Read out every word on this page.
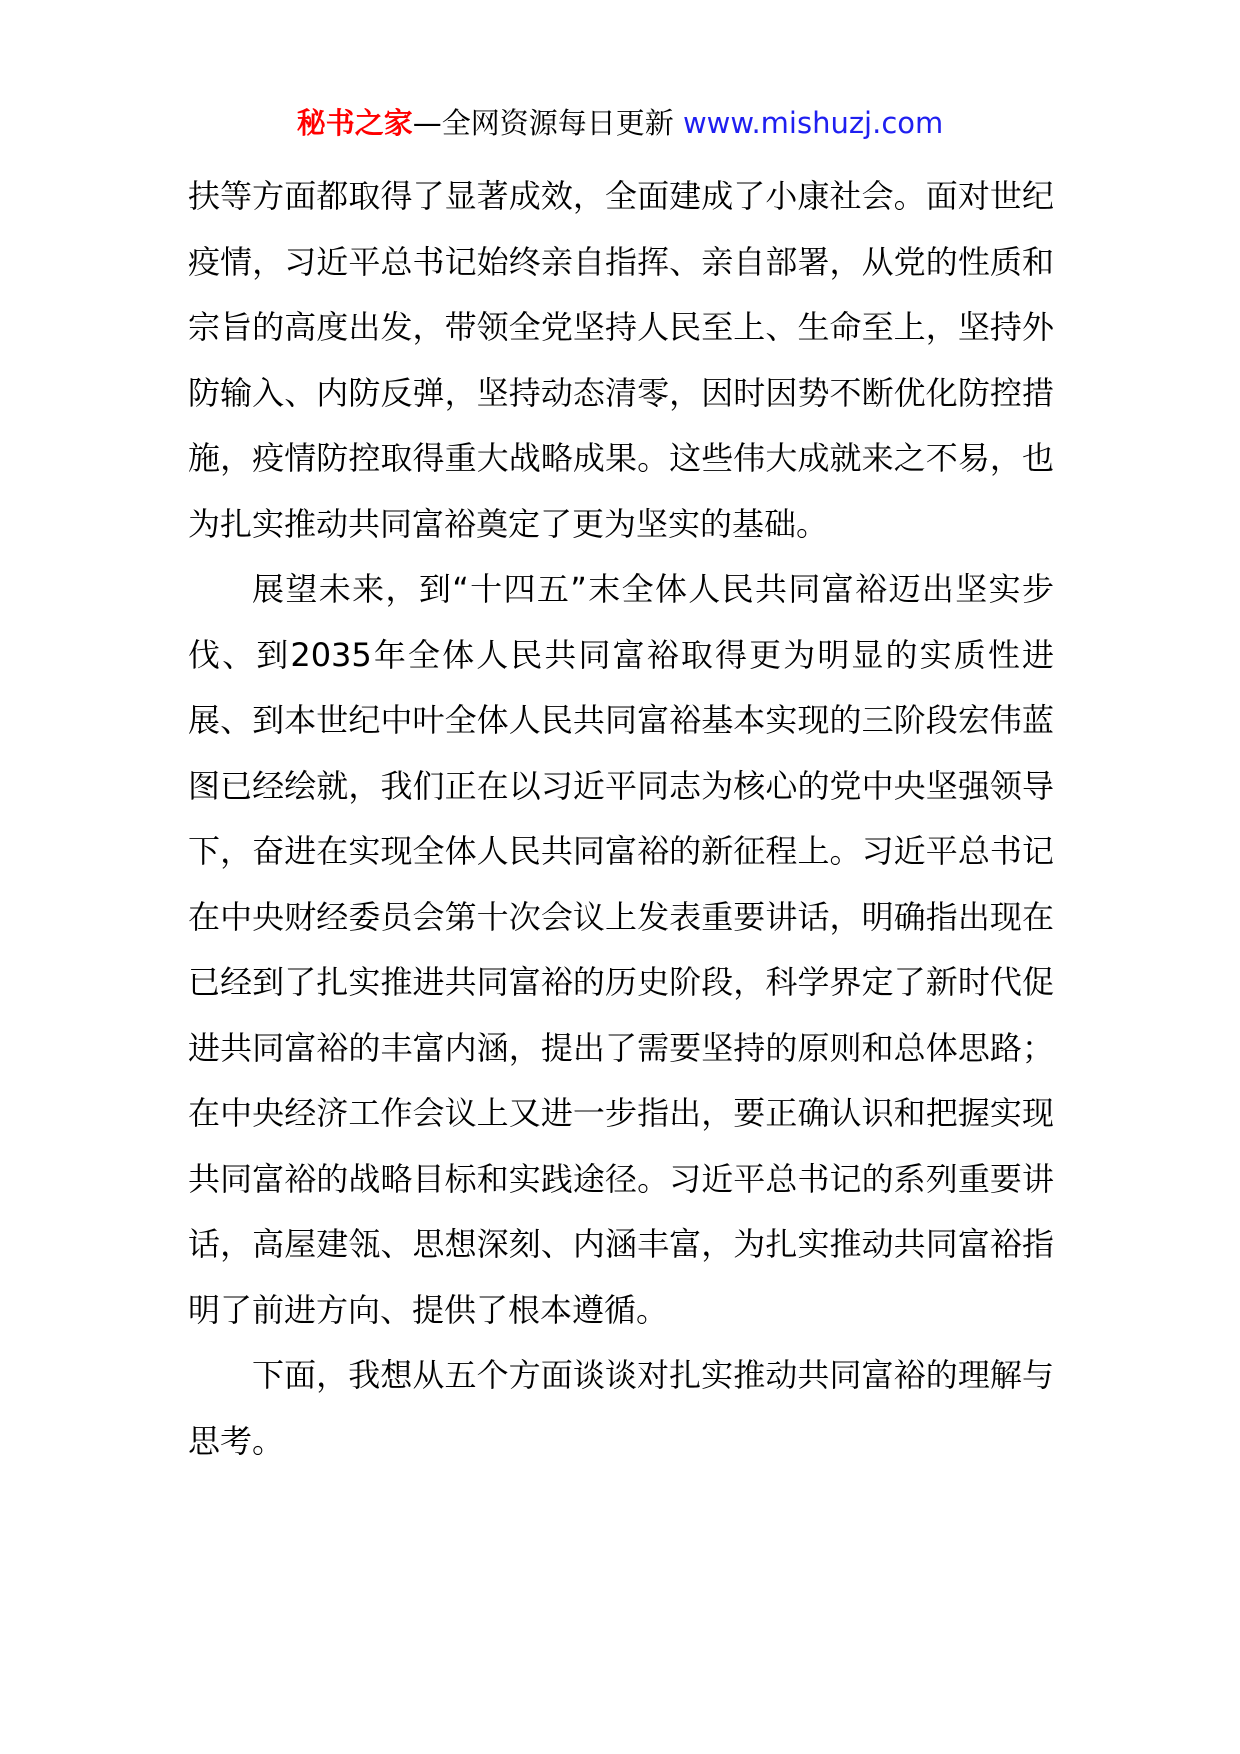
秘书之家—全网资源每日更新 www.mishuzj.com

扶等方面都取得了显著成效，全面建成了小康社会。面对世纪疫情，习近平总书记始终亲自指挥、亲自部署，从党的性质和宗旨的高度出发，带领全党坚持人民至上、生命至上，坚持外防输入、内防反弹，坚持动态清零，因时因势不断优化防控措施，疫情防控取得重大战略成果。这些伟大成就来之不易，也为扎实推动共同富裕奠定了更为坚实的基础。

展望未来，到“十四五”末全体人民共同富裕迈出坚实步伐、到2035年全体人民共同富裕取得更为明显的实质性进展、到本世纪中叶全体人民共同富裕基本实现的三阶段宏伟蓝图已经绘就，我们正在以习近平同志为核心的党中央坚强领导下，奋进在实现全体人民共同富裕的新征程上。习近平总书记在中央财经委员会第十次会议上发表重要讲话，明确指出现在已经到了扎实推进共同富裕的历史阶段，科学界定了新时代促进共同富裕的丰富内涵，提出了需要坚持的原则和总体思路；在中央经济工作会议上又进一步指出，要正确认识和把握实现共同富裕的战略目标和实践途径。习近平总书记的系列重要讲话，高屋建瓴、思想深刻、内涵丰富，为扎实推动共同富裕指明了前进方向、提供了根本遵循。

下面，我想从五个方面谈谈对扎实推动共同富裕的理解与思考。
